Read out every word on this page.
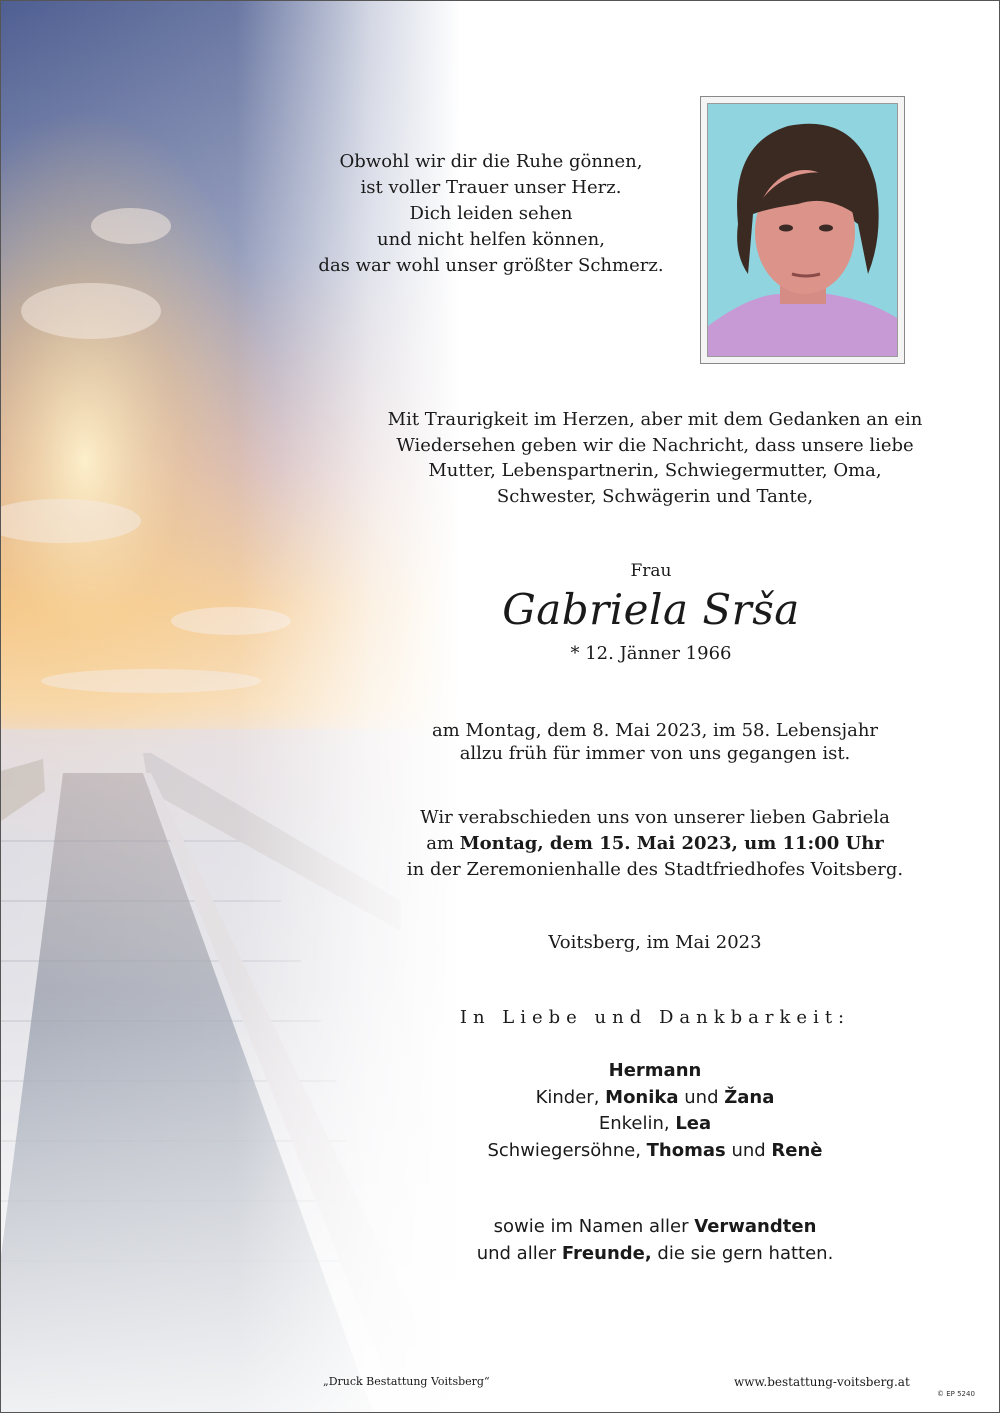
Obwohl wir dir die Ruhe gönnen,
ist voller Trauer unser Herz.
Dich leiden sehen
und nicht helfen können,
das war wohl unser größter Schmerz.
Mit Traurigkeit im Herzen, aber mit dem Gedanken an ein
Wiedersehen geben wir die Nachricht, dass unsere liebe
Mutter, Lebenspartnerin, Schwiegermutter, Oma,
Schwester, Schwägerin und Tante,
Frau
Gabriela Srša
* 12. Jänner 1966
am Montag, dem 8. Mai 2023, im 58. Lebensjahr
allzu früh für immer von uns gegangen ist.
Wir verabschieden uns von unserer lieben Gabriela
am Montag, dem 15. Mai 2023, um 11:00 Uhr
in der Zeremonienhalle des Stadtfriedhofes Voitsberg.
Voitsberg, im Mai 2023
In Liebe und Dankbarkeit:
Hermann
Kinder, Monika und Žana
Enkelin, Lea
Schwiegersöhne, Thomas und Renè
sowie im Namen aller Verwandten
und aller Freunde, die sie gern hatten.
„Druck Bestattung Voitsberg“	www.bestattung-voitsberg.at
© EP 5240
